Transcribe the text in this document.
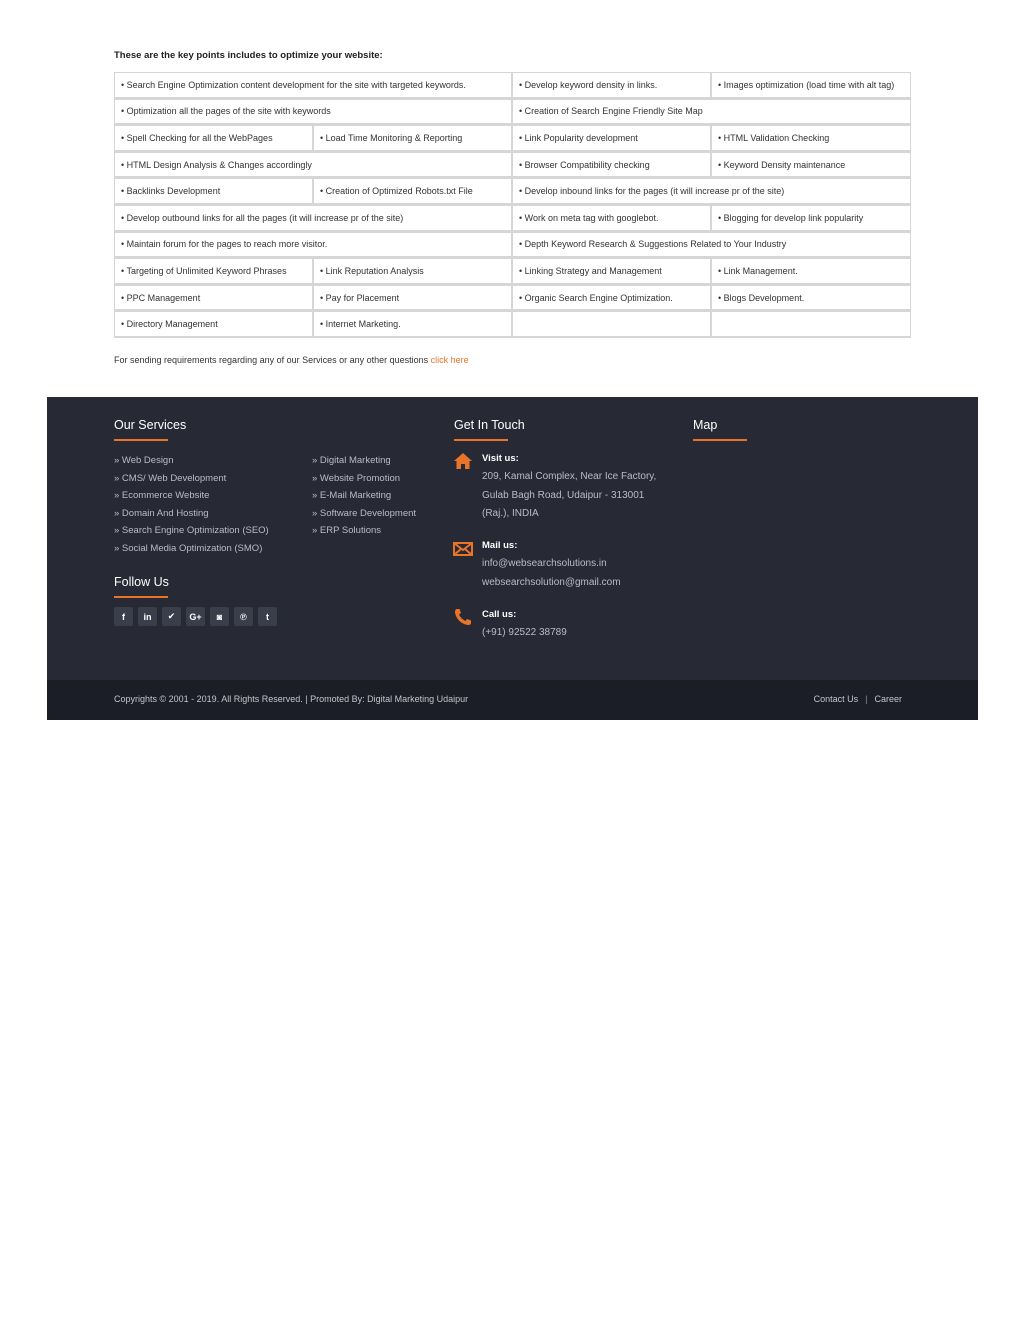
These are the key points includes to optimize your website:
• Search Engine Optimization content development for the site with targeted keywords.		• Develop keyword density in links.	• Images optimization (load time with alt tag)
• Optimization all the pages of the site with keywords		• Creation of Search Engine Friendly Site Map	
• Spell Checking for all the WebPages	• Load Time Monitoring & Reporting	• Link Popularity development	• HTML Validation Checking
• HTML Design Analysis & Changes accordingly		• Browser Compatibility checking	• Keyword Density maintenance
• Backlinks Development	• Creation of Optimized Robots.txt File	• Develop inbound links for the pages (it will increase pr of the site)	
• Develop outbound links for all the pages (it will increase pr of the site)		• Work on meta tag with googlebot.	• Blogging for develop link popularity
• Maintain forum for the pages to reach more visitor.		• Depth Keyword Research & Suggestions Related to Your Industry	
• Targeting of Unlimited Keyword Phrases	• Link Reputation Analysis	• Linking Strategy and Management	• Link Management.
• PPC Management	• Pay for Placement	• Organic Search Engine Optimization.	• Blogs Development.
• Directory Management	• Internet Marketing.		
For sending requirements regarding any of our Services or any other questions click here
Our Services
» Web Design
» CMS/ Web Development
» Ecommerce Website
» Domain And Hosting
» Search Engine Optimization (SEO)
» Social Media Optimization (SMO)
» Digital Marketing
» Website Promotion
» E-Mail Marketing
» Software Development
» ERP Solutions
Follow Us
f	in	✔	G+	◙	℗	t
Get In Touch
Visit us:
209, Kamal Complex, Near Ice Factory,
Gulab Bagh Road, Udaipur - 313001
(Raj.), INDIA
Mail us:
info@websearchsolutions.in
websearchsolution@gmail.com
Call us:
(+91) 92522 38789
Map
Copyrights © 2001 - 2019. All Rights Reserved. | Promoted By: Digital Marketing Udaipur	Contact Us | Career
